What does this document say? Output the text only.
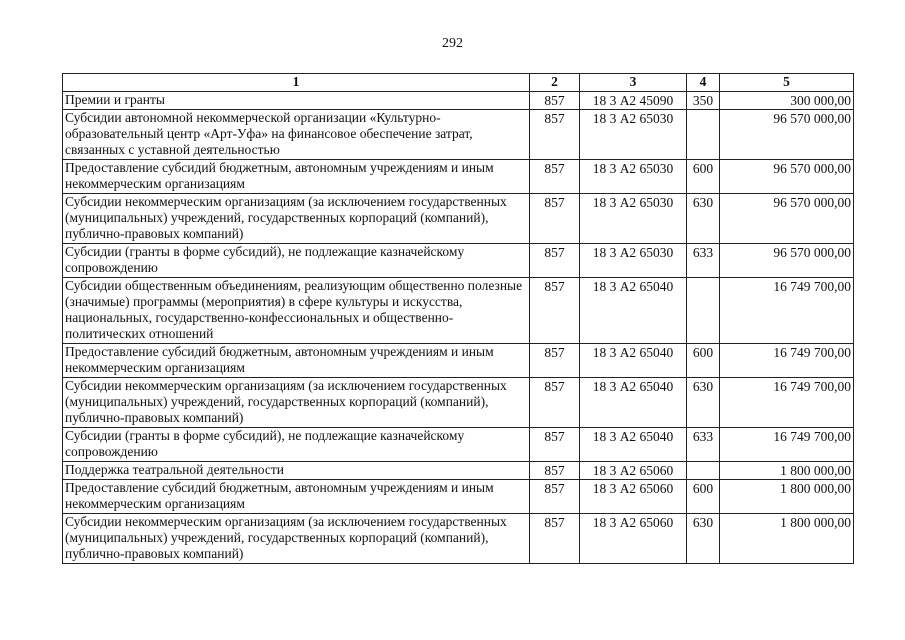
292
1	2	3	4	5
Премии и гранты	857	18 3 А2 45090	350	300 000,00
Субсидии автономной некоммерческой организации «Культурно-образовательный центр «Арт-Уфа» на финансовое обеспечение затрат, связанных с уставной деятельностью	857	18 3 А2 65030		96 570 000,00
Предоставление субсидий бюджетным, автономным учреждениям и иным некоммерческим организациям	857	18 3 А2 65030	600	96 570 000,00
Субсидии некоммерческим организациям (за исключением государственных (муниципальных) учреждений, государственных корпораций (компаний), публично-правовых компаний)	857	18 3 А2 65030	630	96 570 000,00
Субсидии (гранты в форме субсидий), не подлежащие казначейскому сопровождению	857	18 3 А2 65030	633	96 570 000,00
Субсидии общественным объединениям, реализующим общественно полезные (значимые) программы (мероприятия) в сфере культуры и искусства, национальных, государственно-конфессиональных и общественно-политических отношений	857	18 3 А2 65040		16 749 700,00
Предоставление субсидий бюджетным, автономным учреждениям и иным некоммерческим организациям	857	18 3 А2 65040	600	16 749 700,00
Субсидии некоммерческим организациям (за исключением государственных (муниципальных) учреждений, государственных корпораций (компаний), публично-правовых компаний)	857	18 3 А2 65040	630	16 749 700,00
Субсидии (гранты в форме субсидий), не подлежащие казначейскому сопровождению	857	18 3 А2 65040	633	16 749 700,00
Поддержка театральной деятельности	857	18 3 А2 65060		1 800 000,00
Предоставление субсидий бюджетным, автономным учреждениям и иным некоммерческим организациям	857	18 3 А2 65060	600	1 800 000,00
Субсидии некоммерческим организациям (за исключением государственных (муниципальных) учреждений, государственных корпораций (компаний), публично-правовых компаний)	857	18 3 А2 65060	630	1 800 000,00
